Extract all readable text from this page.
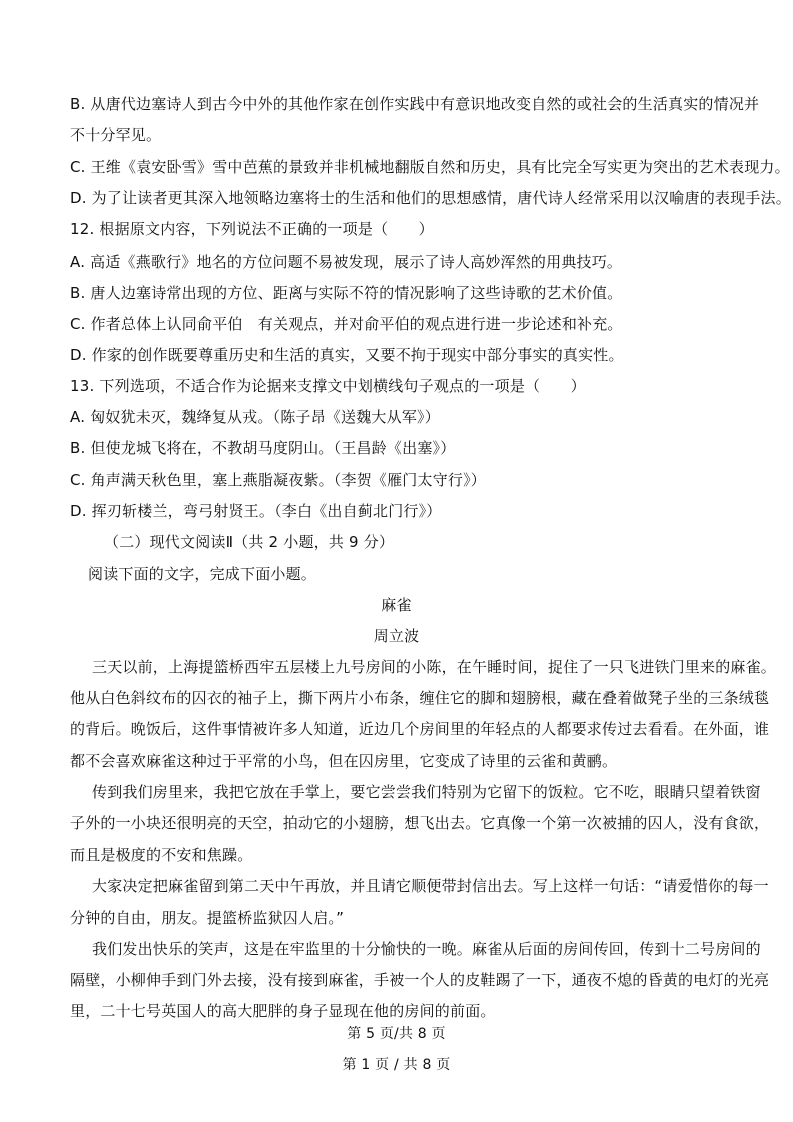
B. 从唐代边塞诗人到古今中外的其他作家在创作实践中有意识地改变自然的或社会的生活真实的情况并
不十分罕见。
C. 王维《袁安卧雪》雪中芭蕉的景致并非机械地翻版自然和历史，具有比完全写实更为突出的艺术表现力。
D. 为了让读者更其深入地领略边塞将士的生活和他们的思想感情，唐代诗人经常采用以汉喻唐的表现手法。
12. 根据原文内容，下列说法不正确的一项是（　　）
A. 高适《燕歌行》地名的方位问题不易被发现，展示了诗人高妙浑然的用典技巧。
B. 唐人边塞诗常出现的方位、距离与实际不符的情况影响了这些诗歌的艺术价值。
C. 作者总体上认同俞平伯　有关观点，并对俞平伯的观点进行进一步论述和补充。
D. 作家的创作既要尊重历史和生活的真实，又要不拘于现实中部分事实的真实性。
13. 下列选项，不适合作为论据来支撑文中划横线句子观点的一项是（　　）
A. 匈奴犹未灭，魏绛复从戎。（陈子昂《送魏大从军》）
B. 但使龙城飞将在，不教胡马度阴山。（王昌龄《出塞》）
C. 角声满天秋色里，塞上燕脂凝夜紫。（李贺《雁门太守行》）
D. 挥刃斩楼兰，弯弓射贤王。（李白《出自蓟北门行》）
（二）现代文阅读Ⅱ（共 2 小题，共 9 分）
阅读下面的文字，完成下面小题。
麻雀
周立波
三天以前，上海提篮桥西牢五层楼上九号房间的小陈，在午睡时间，捉住了一只飞进铁门里来的麻雀。
他从白色斜纹布的囚衣的袖子上，撕下两片小布条，缠住它的脚和翅膀根，藏在叠着做凳子坐的三条绒毯
的背后。晚饭后，这件事情被许多人知道，近边几个房间里的年轻点的人都要求传过去看看。在外面，谁
都不会喜欢麻雀这种过于平常的小鸟，但在囚房里，它变成了诗里的云雀和黄鹂。
传到我们房里来，我把它放在手掌上，要它尝尝我们特别为它留下的饭粒。它不吃，眼睛只望着铁窗
子外的一小块还很明亮的天空，拍动它的小翅膀，想飞出去。它真像一个第一次被捕的囚人，没有食欲，
而且是极度的不安和焦躁。
大家决定把麻雀留到第二天中午再放，并且请它顺便带封信出去。写上这样一句话：“请爱惜你的每一
分钟的自由，朋友。提篮桥监狱囚人启。”
我们发出快乐的笑声，这是在牢监里的十分愉快的一晚。麻雀从后面的房间传回，传到十二号房间的
隔壁，小柳伸手到门外去接，没有接到麻雀，手被一个人的皮鞋踢了一下，通夜不熄的昏黄的电灯的光亮
里，二十七号英国人的高大肥胖的身子显现在他的房间的前面。
第 5 页/共 8 页
第 1 页 / 共 8 页
